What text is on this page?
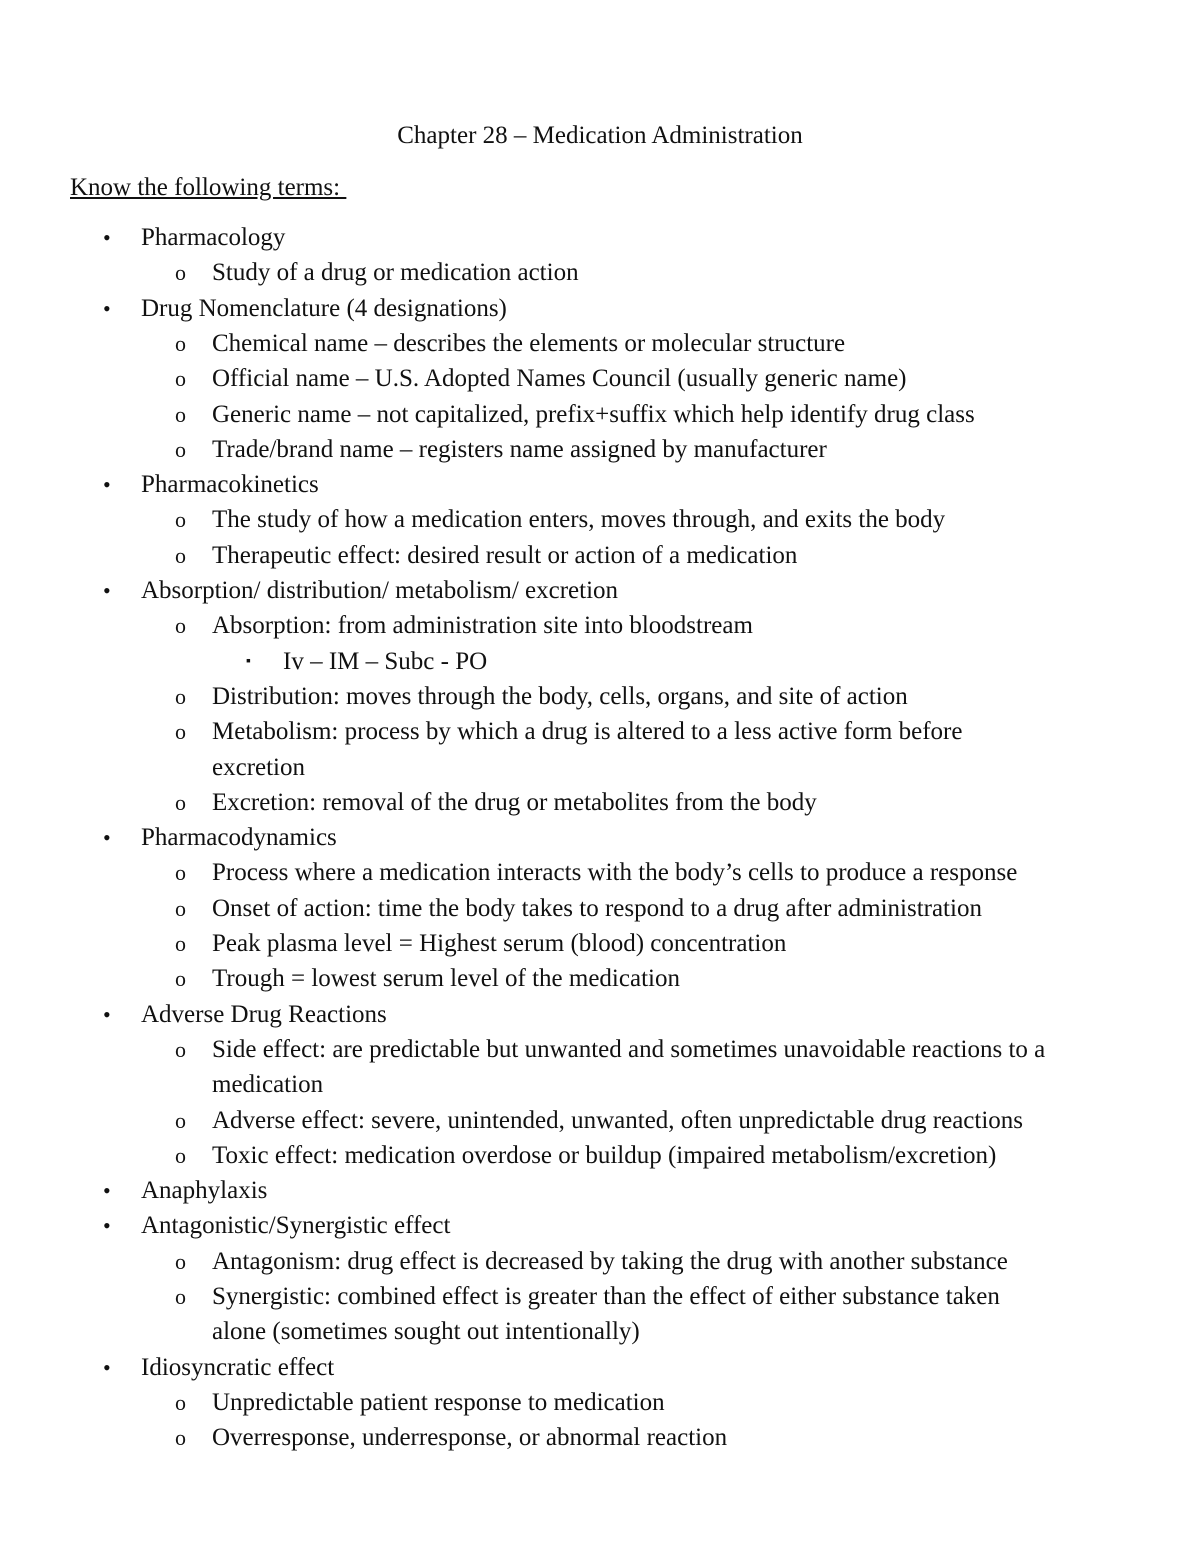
Chapter 28 – Medication Administration
Know the following terms:
• Pharmacology
o Study of a drug or medication action
• Drug Nomenclature (4 designations)
o Chemical name – describes the elements or molecular structure
o Official name – U.S. Adopted Names Council (usually generic name)
o Generic name – not capitalized, prefix+suffix which help identify drug class
o Trade/brand name – registers name assigned by manufacturer
• Pharmacokinetics
o The study of how a medication enters, moves through, and exits the body
o Therapeutic effect: desired result or action of a medication
• Absorption/ distribution/ metabolism/ excretion
o Absorption: from administration site into bloodstream
▪ Iv – IM – Subc - PO
o Distribution: moves through the body, cells, organs, and site of action
o Metabolism: process by which a drug is altered to a less active form before
excretion
o Excretion: removal of the drug or metabolites from the body
• Pharmacodynamics
o Process where a medication interacts with the body’s cells to produce a response
o Onset of action: time the body takes to respond to a drug after administration
o Peak plasma level = Highest serum (blood) concentration
o Trough = lowest serum level of the medication
• Adverse Drug Reactions
o Side effect: are predictable but unwanted and sometimes unavoidable reactions to a
medication
o Adverse effect: severe, unintended, unwanted, often unpredictable drug reactions
o Toxic effect: medication overdose or buildup (impaired metabolism/excretion)
• Anaphylaxis
• Antagonistic/Synergistic effect
o Antagonism: drug effect is decreased by taking the drug with another substance
o Synergistic: combined effect is greater than the effect of either substance taken
alone (sometimes sought out intentionally)
• Idiosyncratic effect
o Unpredictable patient response to medication
o Overresponse, underresponse, or abnormal reaction
